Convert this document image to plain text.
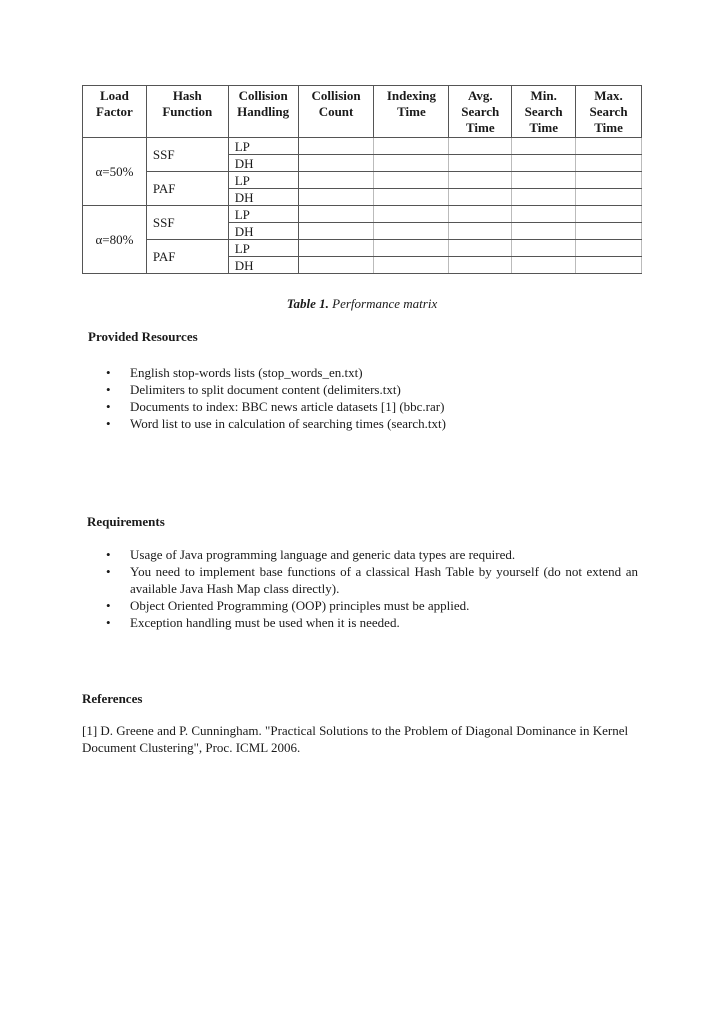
Load Factor	Hash Function	Collision Handling	Collision Count	Indexing Time	Avg. Search Time	Min. Search Time	Max. Search Time
α=50%	SSF	LP					
		DH					
	PAF	LP					
		DH					
α=80%	SSF	LP					
		DH					
	PAF	LP					
		DH					
Table 1. Performance matrix
Provided Resources
• English stop-words lists (stop_words_en.txt)
• Delimiters to split document content (delimiters.txt)
• Documents to index: BBC news article datasets [1] (bbc.rar)
• Word list to use in calculation of searching times (search.txt)
Requirements
• Usage of Java programming language and generic data types are required.
• You need to implement base functions of a classical Hash Table by yourself (do not extend an available Java Hash Map class directly).
• Object Oriented Programming (OOP) principles must be applied.
• Exception handling must be used when it is needed.
References

[1] D. Greene and P. Cunningham. "Practical Solutions to the Problem of Diagonal Dominance in Kernel Document Clustering", Proc. ICML 2006.
